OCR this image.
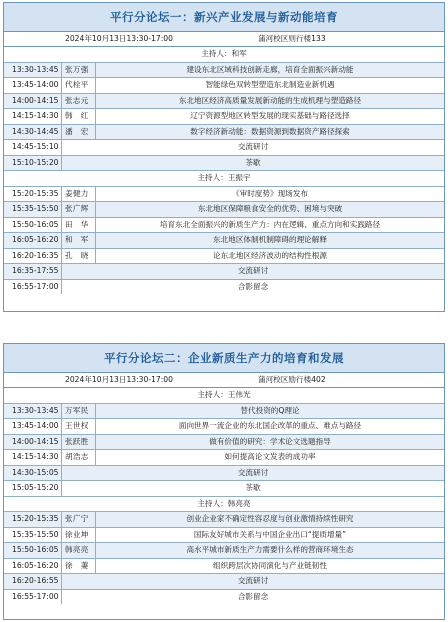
平行分论坛一：新兴产业发展与新动能培育
2024年10月13日13:30-17:00	蒲河校区则行楼133
主持人：和军
13:30-13:45 张万强	建设东北区域科技创新走廊，培育全面振兴新动能
13:45-14:00 代栓平	智能绿色双转型塑造东北制造业新机遇
14:00-14:15 张志元	东北地区经济高质量发展新动能的生成机理与塑造路径
14:15-14:30 韩　红	辽宁资源型地区转型发展的现实基础与路径选择
14:30-14:45 潘　宏	数字经济新动能：数据资源到数据资产路径探索
14:45-15:10	交流研讨
15:10-15:20	茶歇
主持人：王振宇
15:20-15:35 姜健力	《审时度势》现场发布
15:35-15:50 张广辉	东北地区保障粮食安全的优势、困境与突破
15:50-16:05 田　华	培育东北全面振兴的新质生产力：内在逻辑、重点方向和实践路径
16:05-16:20 和　军	东北地区体制机制障碍的理论解释
16:20-16:35 孔　晓	论东北地区经济波动的结构性根源
16:35-17:55	交流研讨
16:55-17:00	合影留念
平行分论坛二：企业新质生产力的培育和发展
2024年10月13日13:30-17:00	蒲河校区励行楼402
主持人：王伟光
13:30-13:45 万军民	替代投资的Q理论
13:45-14:00 王世权	面向世界一流企业的东北国企改革的重点、难点与路径
14:00-14:15 张跃胜	做有价值的研究：学术论文选题指导
14:15-14:30 胡浩志	如何提高论文发表的成功率
14:30-15:05	交流研讨
15:05-15:20	茶歇
主持人：韩亮亮
15:20-15:35 张广宁	创业企业家不确定性容忍度与创业激情持续性研究
15:35-15:50 徐业坤	国际友好城市关系与中国企业出口“提质增量”
15:50-16:05 韩亮亮	高水平城市新质生产力需要什么样的营商环境生态
16:05-16:20 徐　萋	组织跨层次协同演化与产业链韧性
16:20-16:55	交流研讨
16:55-17:00	合影留念
